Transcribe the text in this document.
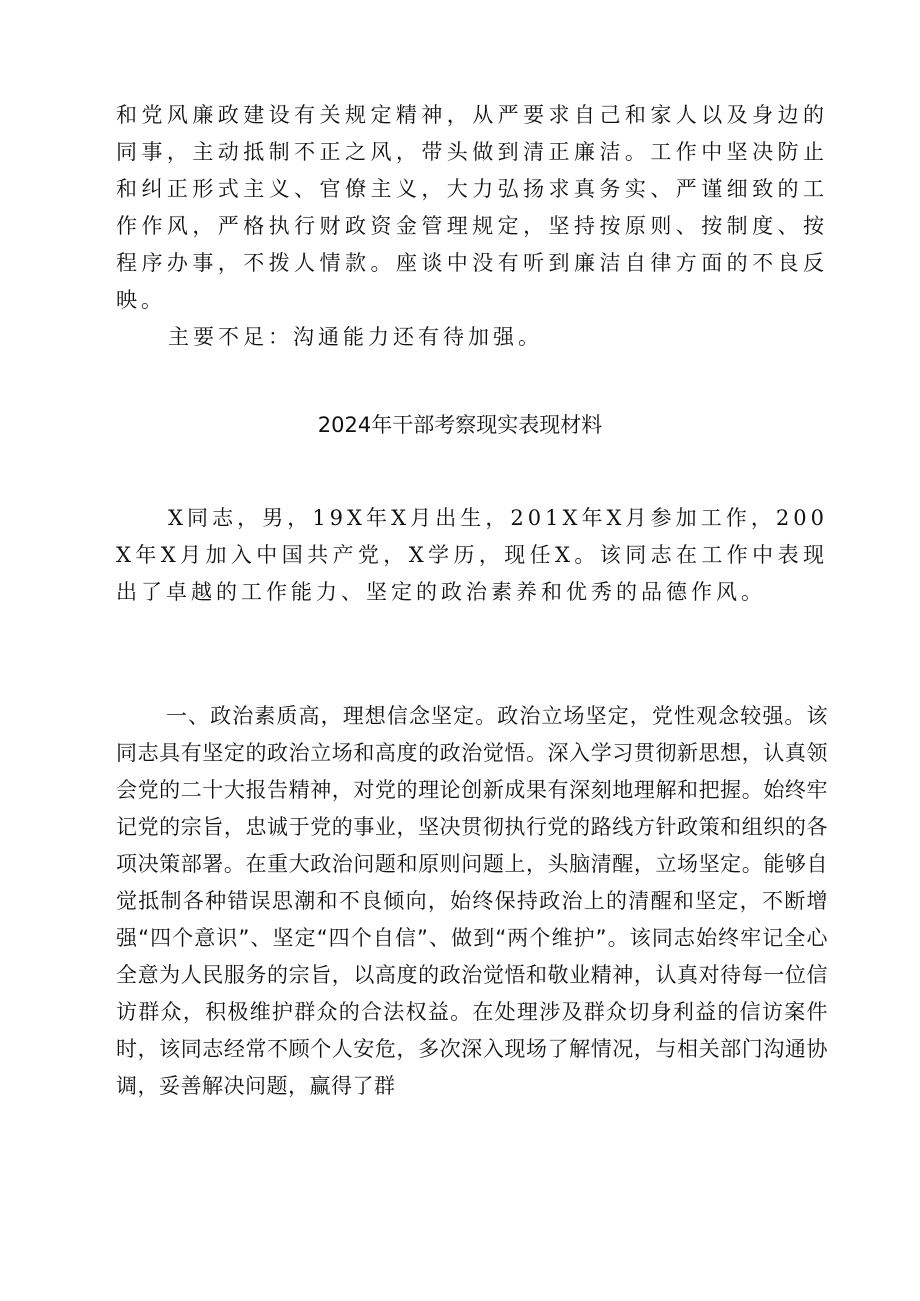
和党风廉政建设有关规定精神，从严要求自己和家人以及身边的同事，主动抵制不正之风，带头做到清正廉洁。工作中坚决防止和纠正形式主义、官僚主义，大力弘扬求真务实、严谨细致的工作作风，严格执行财政资金管理规定，坚持按原则、按制度、按程序办事，不拨人情款。座谈中没有听到廉洁自律方面的不良反映。

主要不足：沟通能力还有待加强。

2024年干部考察现实表现材料

X同志，男，19X年X月出生，201X年X月参加工作，200X年X月加入中国共产党，X学历，现任X。该同志在工作中表现出了卓越的工作能力、坚定的政治素养和优秀的品德作风。

一、政治素质高，理想信念坚定。政治立场坚定，党性观念较强。该同志具有坚定的政治立场和高度的政治觉悟。深入学习贯彻新思想，认真领会党的二十大报告精神，对党的理论创新成果有深刻地理解和把握。始终牢记党的宗旨，忠诚于党的事业，坚决贯彻执行党的路线方针政策和组织的各项决策部署。在重大政治问题和原则问题上，头脑清醒，立场坚定。能够自觉抵制各种错误思潮和不良倾向，始终保持政治上的清醒和坚定，不断增强“四个意识”、坚定“四个自信”、做到“两个维护”。该同志始终牢记全心全意为人民服务的宗旨，以高度的政治觉悟和敬业精神，认真对待每一位信访群众，积极维护群众的合法权益。在处理涉及群众切身利益的信访案件时，该同志经常不顾个人安危，多次深入现场了解情况，与相关部门沟通协调，妥善解决问题，赢得了群
